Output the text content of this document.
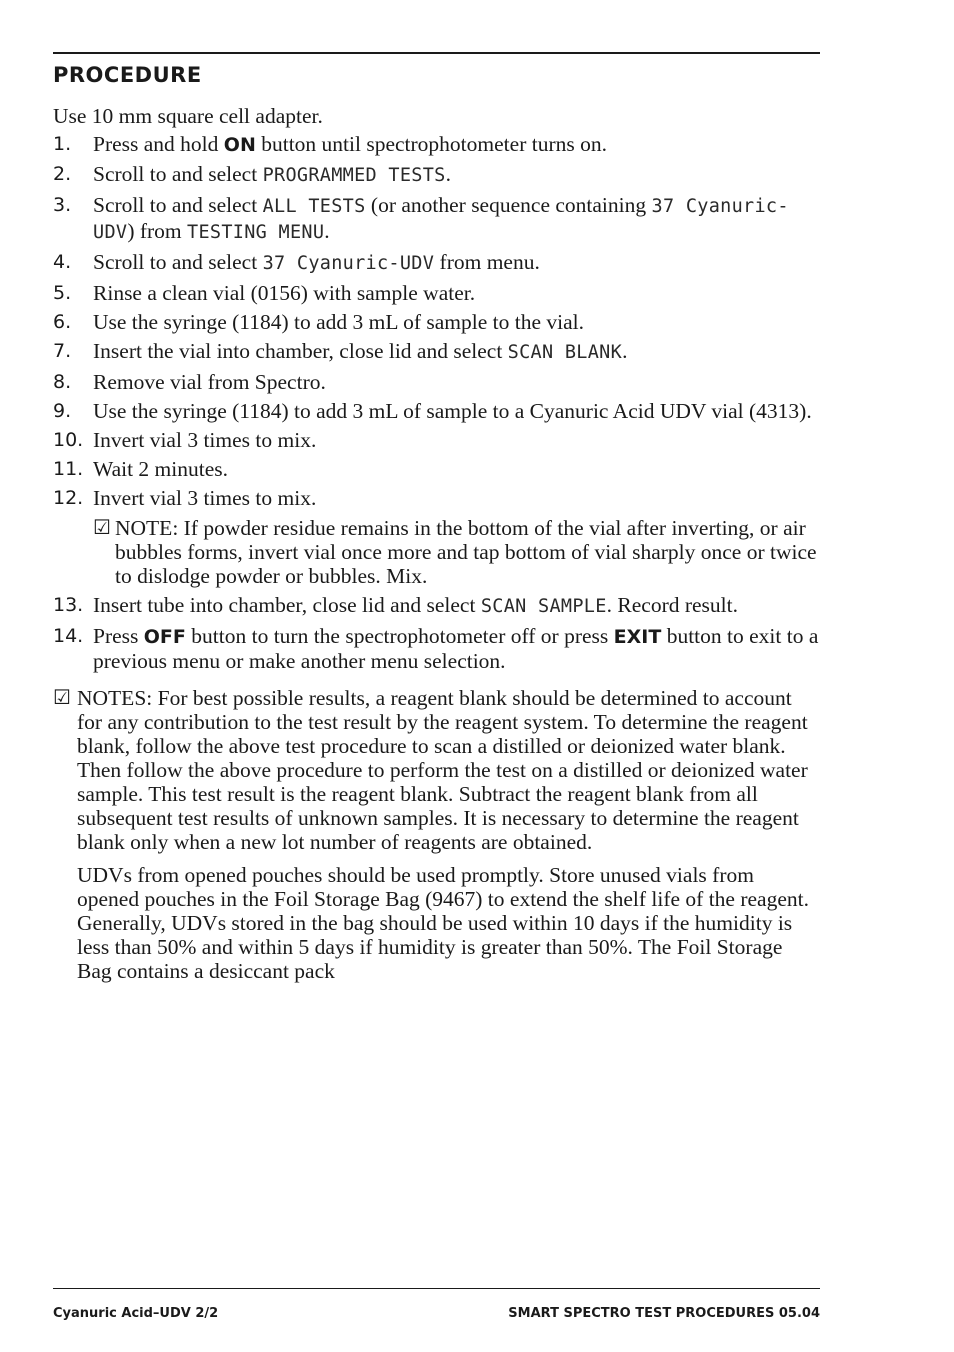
PROCEDURE

Use 10 mm square cell adapter.

1. Press and hold ON button until spectrophotometer turns on.
2. Scroll to and select PROGRAMMED TESTS.
3. Scroll to and select ALL TESTS (or another sequence containing 37 Cyanuric-UDV) from TESTING MENU.
4. Scroll to and select 37 Cyanuric-UDV from menu.
5. Rinse a clean vial (0156) with sample water.
6. Use the syringe (1184) to add 3 mL of sample to the vial.
7. Insert the vial into chamber, close lid and select SCAN BLANK.
8. Remove vial from Spectro.
9. Use the syringe (1184) to add 3 mL of sample to a Cyanuric Acid UDV vial (4313).
10. Invert vial 3 times to mix.
11. Wait 2 minutes.
12. Invert vial 3 times to mix.
☑ NOTE: If powder residue remains in the bottom of the vial after inverting, or air bubbles forms, invert vial once more and tap bottom of vial sharply once or twice to dislodge powder or bubbles. Mix.
13. Insert tube into chamber, close lid and select SCAN SAMPLE. Record result.
14. Press OFF button to turn the spectrophotometer off or press EXIT button to exit to a previous menu or make another menu selection.
☑ NOTES: For best possible results, a reagent blank should be determined to account for any contribution to the test result by the reagent system. To determine the reagent blank, follow the above test procedure to scan a distilled or deionized water blank. Then follow the above procedure to perform the test on a distilled or deionized water sample. This test result is the reagent blank. Subtract the reagent blank from all subsequent test results of unknown samples. It is necessary to determine the reagent blank only when a new lot number of reagents are obtained.

UDVs from opened pouches should be used promptly. Store unused vials from opened pouches in the Foil Storage Bag (9467) to extend the shelf life of the reagent. Generally, UDVs stored in the bag should be used within 10 days if the humidity is less than 50% and within 5 days if humidity is greater than 50%. The Foil Storage Bag contains a desiccant pack

Cyanuric Acid–UDV 2/2	SMART SPECTRO TEST PROCEDURES 05.04
